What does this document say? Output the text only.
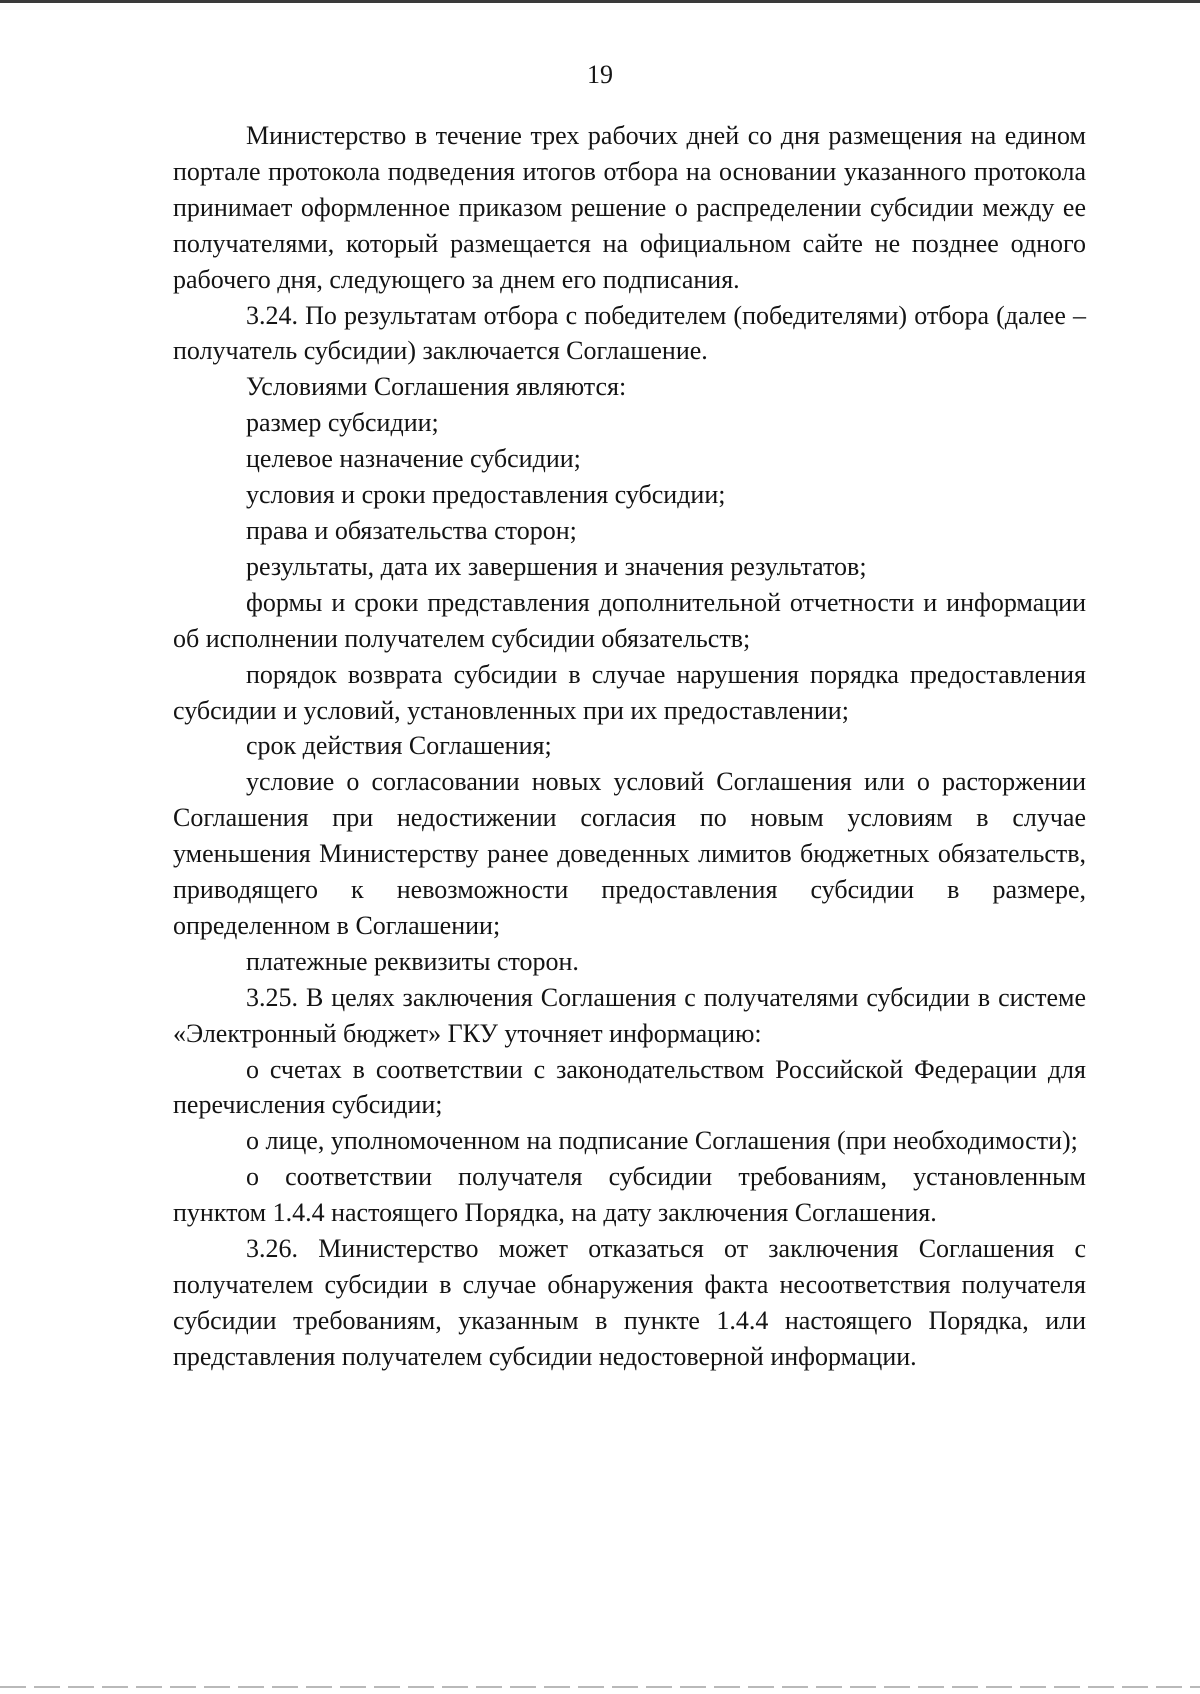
19

Министерство в течение трех рабочих дней со дня размещения на едином портале протокола подведения итогов отбора на основании указанного протокола принимает оформленное приказом решение о распределении субсидии между ее получателями, который размещается на официальном сайте не позднее одного рабочего дня, следующего за днем его подписания.

3.24. По результатам отбора с победителем (победителями) отбора (далее – получатель субсидии) заключается Соглашение.

Условиями Соглашения являются:

размер субсидии;

целевое назначение субсидии;

условия и сроки предоставления субсидии;

права и обязательства сторон;

результаты, дата их завершения и значения результатов;

формы и сроки представления дополнительной отчетности и информации об исполнении получателем субсидии обязательств;

порядок возврата субсидии в случае нарушения порядка предоставления субсидии и условий, установленных при их предоставлении;

срок действия Соглашения;

условие о согласовании новых условий Соглашения или о расторжении Соглашения при недостижении согласия по новым условиям в случае уменьшения Министерству ранее доведенных лимитов бюджетных обязательств, приводящего к невозможности предоставления субсидии в размере, определенном в Соглашении;

платежные реквизиты сторон.

3.25. В целях заключения Соглашения с получателями субсидии в системе «Электронный бюджет» ГКУ уточняет информацию:

о счетах в соответствии с законодательством Российской Федерации для перечисления субсидии;

о лице, уполномоченном на подписание Соглашения (при необходимости);

о соответствии получателя субсидии требованиям, установленным пунктом 1.4.4 настоящего Порядка, на дату заключения Соглашения.

3.26. Министерство может отказаться от заключения Соглашения с получателем субсидии в случае обнаружения факта несоответствия получателя субсидии требованиям, указанным в пункте 1.4.4 настоящего Порядка, или представления получателем субсидии недостоверной информации.
